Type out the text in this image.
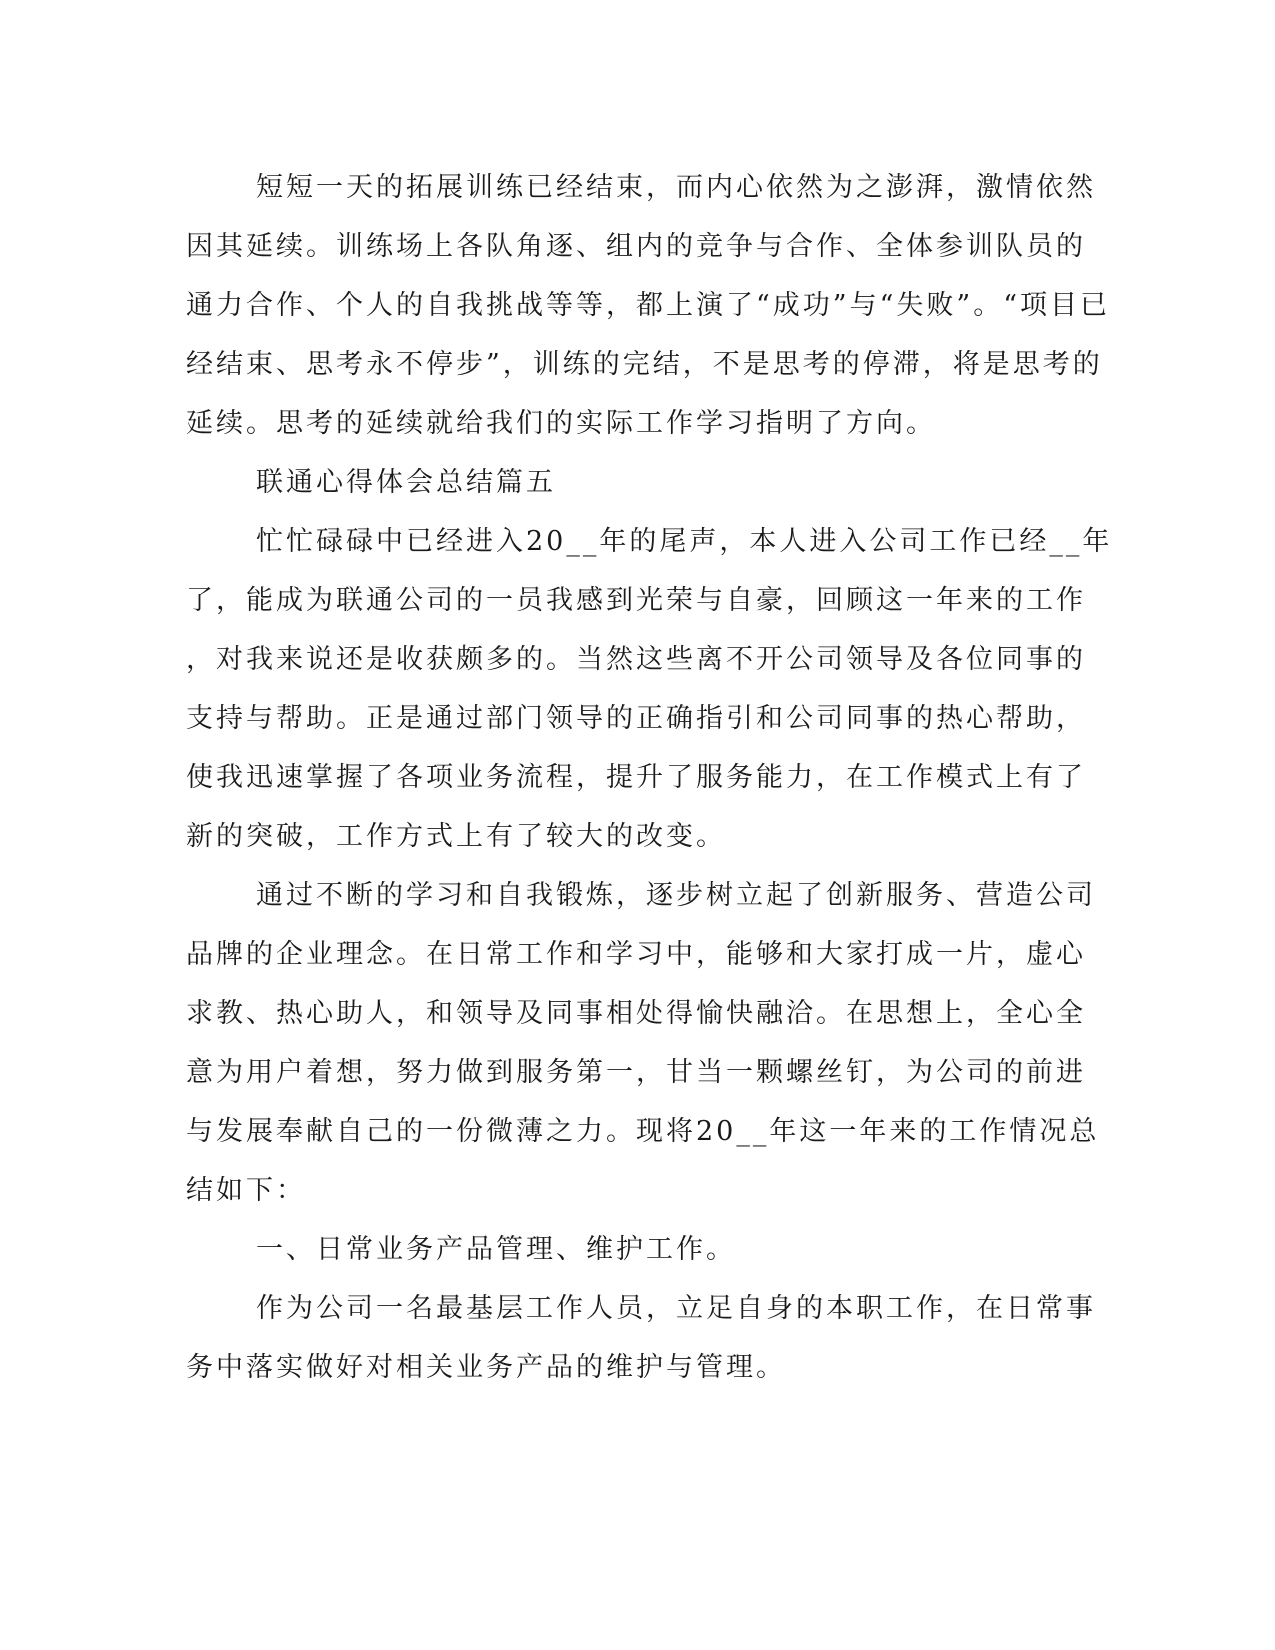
短短一天的拓展训练已经结束，而内心依然为之澎湃，激情依然
因其延续。训练场上各队角逐、组内的竞争与合作、全体参训队员的
通力合作、个人的自我挑战等等，都上演了“成功”与“失败”。“项目已
经结束、思考永不停步”，训练的完结，不是思考的停滞，将是思考的
延续。思考的延续就给我们的实际工作学习指明了方向。
联通心得体会总结篇五
忙忙碌碌中已经进入20__年的尾声，本人进入公司工作已经__年
了，能成为联通公司的一员我感到光荣与自豪，回顾这一年来的工作
，对我来说还是收获颇多的。当然这些离不开公司领导及各位同事的
支持与帮助。正是通过部门领导的正确指引和公司同事的热心帮助，
使我迅速掌握了各项业务流程，提升了服务能力，在工作模式上有了
新的突破，工作方式上有了较大的改变。
通过不断的学习和自我锻炼，逐步树立起了创新服务、营造公司
品牌的企业理念。在日常工作和学习中，能够和大家打成一片，虚心
求教、热心助人，和领导及同事相处得愉快融洽。在思想上，全心全
意为用户着想，努力做到服务第一，甘当一颗螺丝钉，为公司的前进
与发展奉献自己的一份微薄之力。现将20__年这一年来的工作情况总
结如下：
一、日常业务产品管理、维护工作。
作为公司一名最基层工作人员，立足自身的本职工作，在日常事
务中落实做好对相关业务产品的维护与管理。
